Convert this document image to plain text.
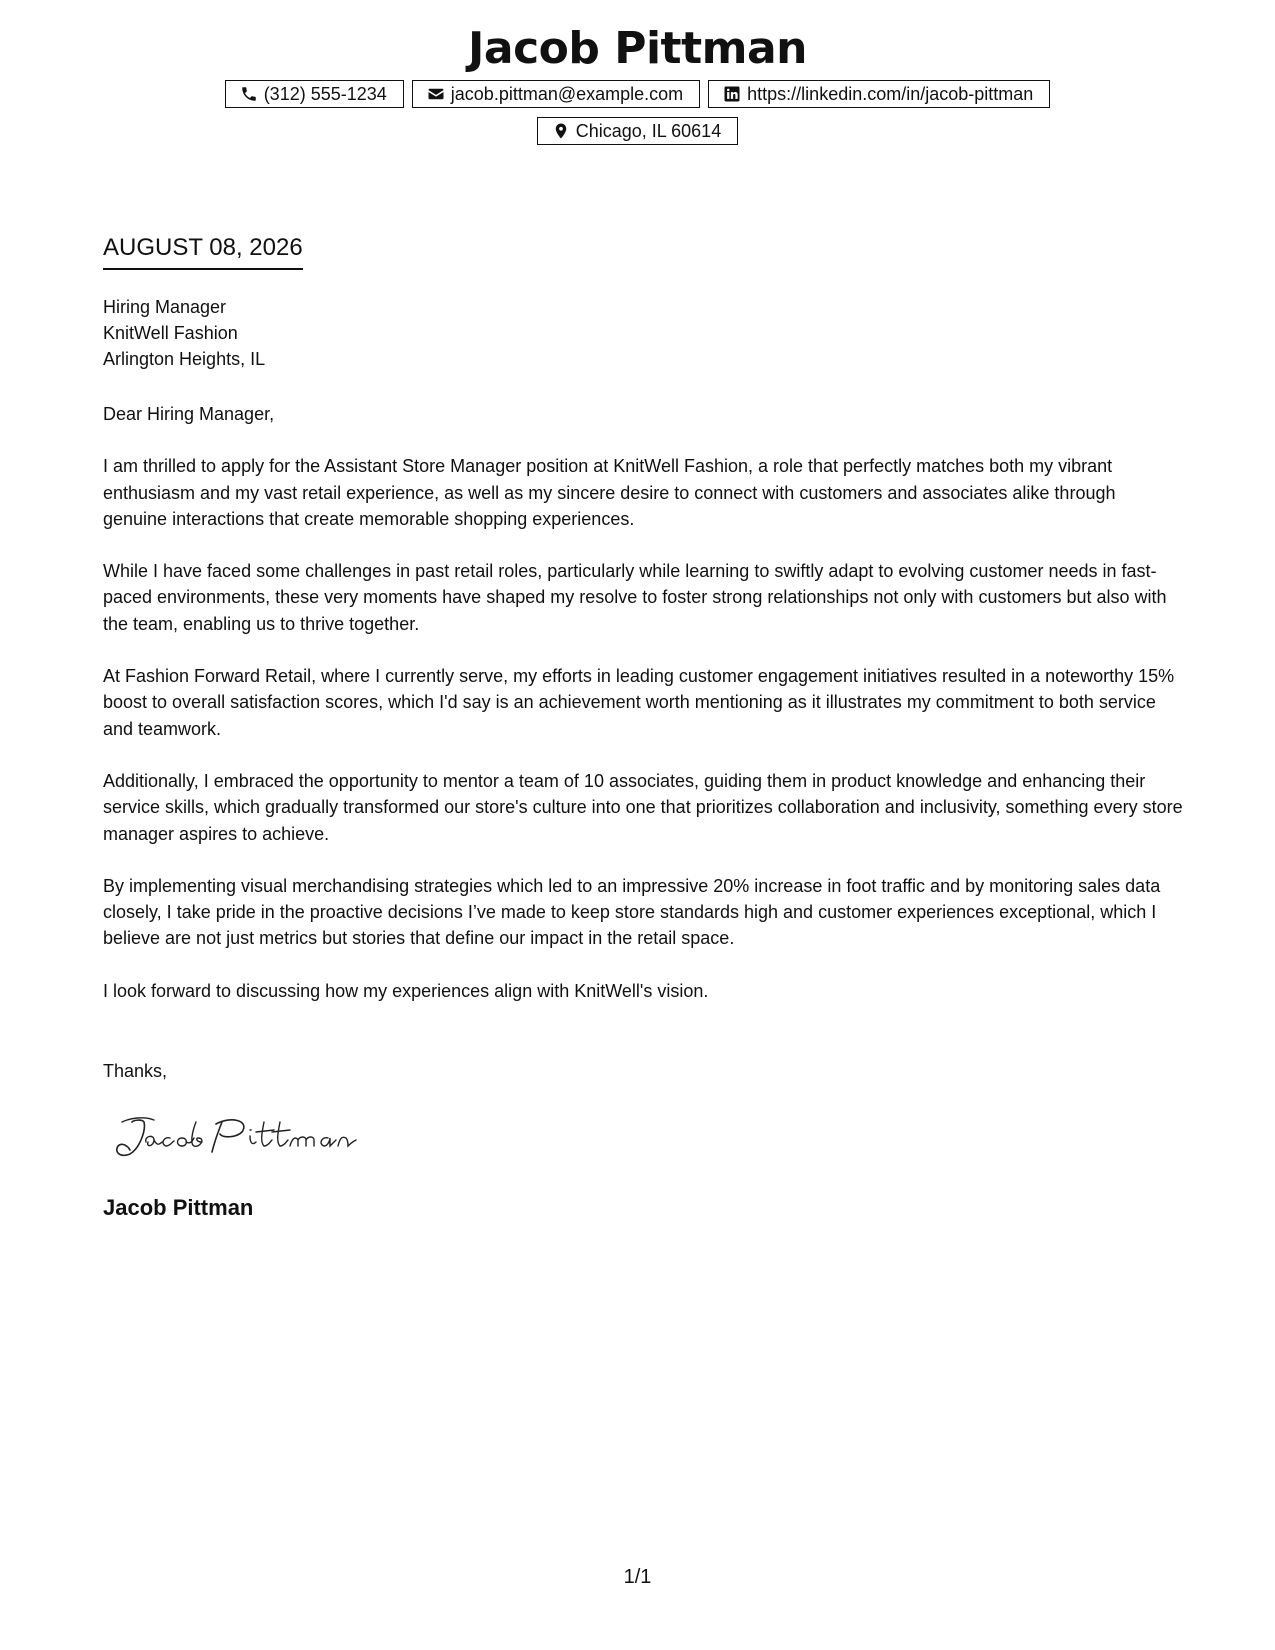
Jacob Pittman
(312) 555-1234	jacob.pittman@example.com	https://linkedin.com/in/jacob-pittman
Chicago, IL 60614
AUGUST 08, 2026
Hiring Manager
KnitWell Fashion
Arlington Heights, IL

Dear Hiring Manager,

I am thrilled to apply for the Assistant Store Manager position at KnitWell Fashion, a role that perfectly matches both my vibrant enthusiasm and my vast retail experience, as well as my sincere desire to connect with customers and associates alike through genuine interactions that create memorable shopping experiences.

While I have faced some challenges in past retail roles, particularly while learning to swiftly adapt to evolving customer needs in fast-paced environments, these very moments have shaped my resolve to foster strong relationships not only with customers but also with the team, enabling us to thrive together.

At Fashion Forward Retail, where I currently serve, my efforts in leading customer engagement initiatives resulted in a noteworthy 15% boost to overall satisfaction scores, which I'd say is an achievement worth mentioning as it illustrates my commitment to both service and teamwork.

Additionally, I embraced the opportunity to mentor a team of 10 associates, guiding them in product knowledge and enhancing their service skills, which gradually transformed our store's culture into one that prioritizes collaboration and inclusivity, something every store manager aspires to achieve.

By implementing visual merchandising strategies which led to an impressive 20% increase in foot traffic and by monitoring sales data closely, I take pride in the proactive decisions I’ve made to keep store standards high and customer experiences exceptional, which I believe are not just metrics but stories that define our impact in the retail space.

I look forward to discussing how my experiences align with KnitWell's vision.

Thanks,
Jacob Pittman
1/1
